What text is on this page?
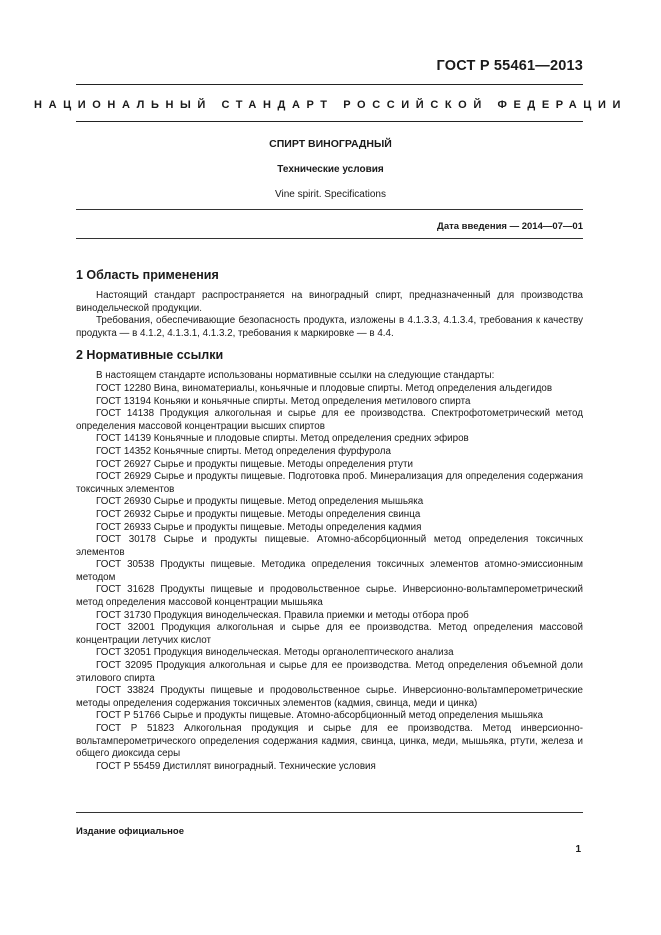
ГОСТ Р 55461—2013
НАЦИОНАЛЬНЫЙ СТАНДАРТ РОССИЙСКОЙ ФЕДЕРАЦИИ
СПИРТ ВИНОГРАДНЫЙ
Технические условия
Vine spirit. Specifications
Дата введения — 2014—07—01
1 Область применения

Настоящий стандарт распространяется на виноградный спирт, предназначенный для производства винодельческой продукции.

Требования, обеспечивающие безопасность продукта, изложены в 4.1.3.3, 4.1.3.4, требования к качеству продукта — в 4.1.2, 4.1.3.1, 4.1.3.2, требования к маркировке — в 4.4.

2 Нормативные ссылки

В настоящем стандарте использованы нормативные ссылки на следующие стандарты:

ГОСТ 12280 Вина, виноматериалы, коньячные и плодовые спирты. Метод определения альдегидов
ГОСТ 13194 Коньяки и коньячные спирты. Метод определения метилового спирта
ГОСТ 14138 Продукция алкогольная и сырье для ее производства. Спектрофотометрический метод определения массовой концентрации высших спиртов
ГОСТ 14139 Коньячные и плодовые спирты. Метод определения средних эфиров
ГОСТ 14352 Коньячные спирты. Метод определения фурфурола
ГОСТ 26927 Сырье и продукты пищевые. Методы определения ртути
ГОСТ 26929 Сырье и продукты пищевые. Подготовка проб. Минерализация для определения содержания токсичных элементов
ГОСТ 26930 Сырье и продукты пищевые. Метод определения мышьяка
ГОСТ 26932 Сырье и продукты пищевые. Методы определения свинца
ГОСТ 26933 Сырье и продукты пищевые. Методы определения кадмия
ГОСТ 30178 Сырье и продукты пищевые. Атомно-абсорбционный метод определения токсичных элементов
ГОСТ 30538 Продукты пищевые. Методика определения токсичных элементов атомно-эмиссионным методом
ГОСТ 31628 Продукты пищевые и продовольственное сырье. Инверсионно-вольтамперометрический метод определения массовой концентрации мышьяка
ГОСТ 31730 Продукция винодельческая. Правила приемки и методы отбора проб
ГОСТ 32001 Продукция алкогольная и сырье для ее производства. Метод определения массовой концентрации летучих кислот
ГОСТ 32051 Продукция винодельческая. Методы органолептического анализа
ГОСТ 32095 Продукция алкогольная и сырье для ее производства. Метод определения объемной доли этилового спирта
ГОСТ 33824 Продукты пищевые и продовольственное сырье. Инверсионно-вольтамперометрические методы определения содержания токсичных элементов (кадмия, свинца, меди и цинка)
ГОСТ Р 51766 Сырье и продукты пищевые. Атомно-абсорбционный метод определения мышьяка
ГОСТ Р 51823 Алкогольная продукция и сырье для ее производства. Метод инверсионно-вольтамперометрического определения содержания кадмия, свинца, цинка, меди, мышьяка, ртути, железа и общего диоксида серы
ГОСТ Р 55459 Дистиллят виноградный. Технические условия
Издание официальное
1
